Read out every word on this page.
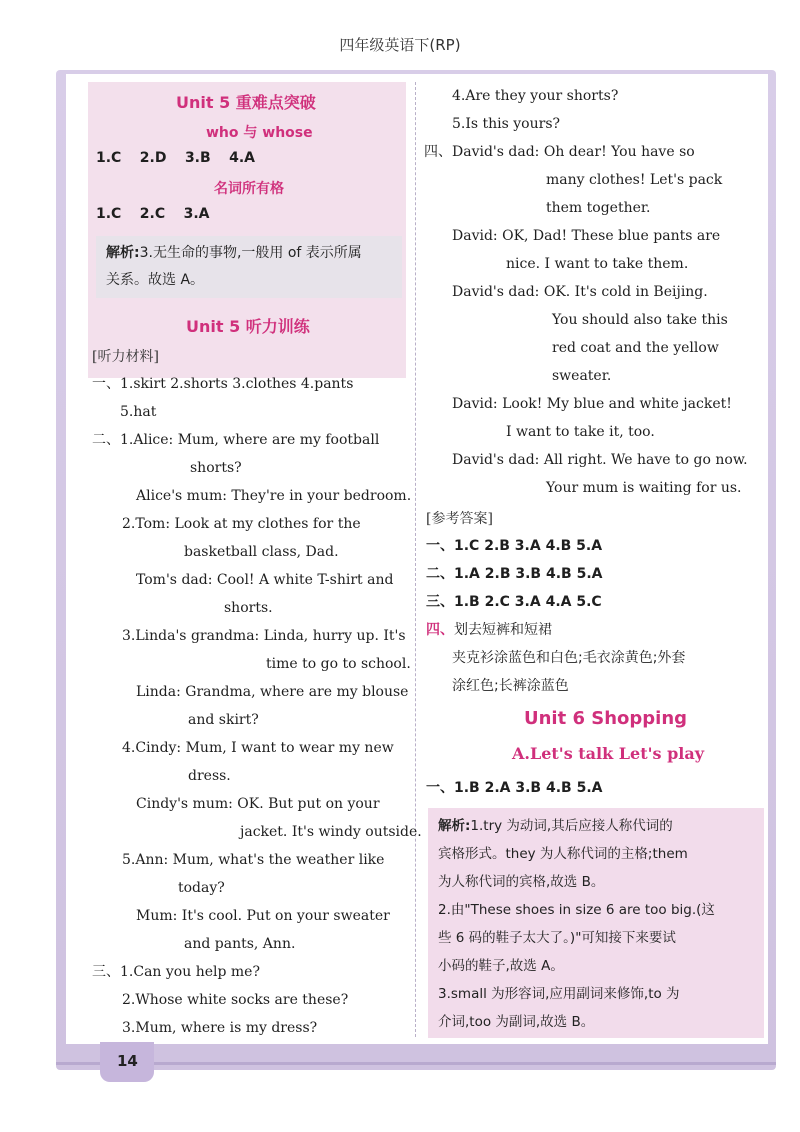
四年级英语下(RP)
Unit 5 重难点突破
who 与 whose
1.C 2.D 3.B 4.A
名词所有格
1.C 2.C 3.A
解析:3.无生命的事物,一般用 of 表示所属
关系。故选 A。
Unit 5 听力训练
[听力材料]
一、1.skirt 2.shorts 3.clothes 4.pants
5.hat
二、1.Alice: Mum, where are my football
shorts?
Alice's mum: They're in your bedroom.
2.Tom: Look at my clothes for the
basketball class, Dad.
Tom's dad: Cool! A white T-shirt and
shorts.
3.Linda's grandma: Linda, hurry up. It's
time to go to school.
Linda: Grandma, where are my blouse
and skirt?
4.Cindy: Mum, I want to wear my new
dress.
Cindy's mum: OK. But put on your
jacket. It's windy outside.
5.Ann: Mum, what's the weather like
today?
Mum: It's cool. Put on your sweater
and pants, Ann.
三、1.Can you help me?
2.Whose white socks are these?
3.Mum, where is my dress?
4.Are they your shorts?
5.Is this yours?
四、David's dad: Oh dear! You have so
many clothes! Let's pack
them together.
David: OK, Dad! These blue pants are
nice. I want to take them.
David's dad: OK. It's cold in Beijing.
You should also take this
red coat and the yellow
sweater.
David: Look! My blue and white jacket!
I want to take it, too.
David's dad: All right. We have to go now.
Your mum is waiting for us.
[参考答案]
一、1.C 2.B 3.A 4.B 5.A
二、1.A 2.B 3.B 4.B 5.A
三、1.B 2.C 3.A 4.A 5.C
四、划去短裤和短裙
夹克衫涂蓝色和白色;毛衣涂黄色;外套
涂红色;长裤涂蓝色
Unit 6 Shopping
A.Let's talk Let's play
一、1.B 2.A 3.B 4.B 5.A
解析:1.try 为动词,其后应接人称代词的
宾格形式。they 为人称代词的主格;them
为人称代词的宾格,故选 B。
2.由"These shoes in size 6 are too big.(这
些 6 码的鞋子太大了。)"可知接下来要试
小码的鞋子,故选 A。
3.small 为形容词,应用副词来修饰,to 为
介词,too 为副词,故选 B。
14
